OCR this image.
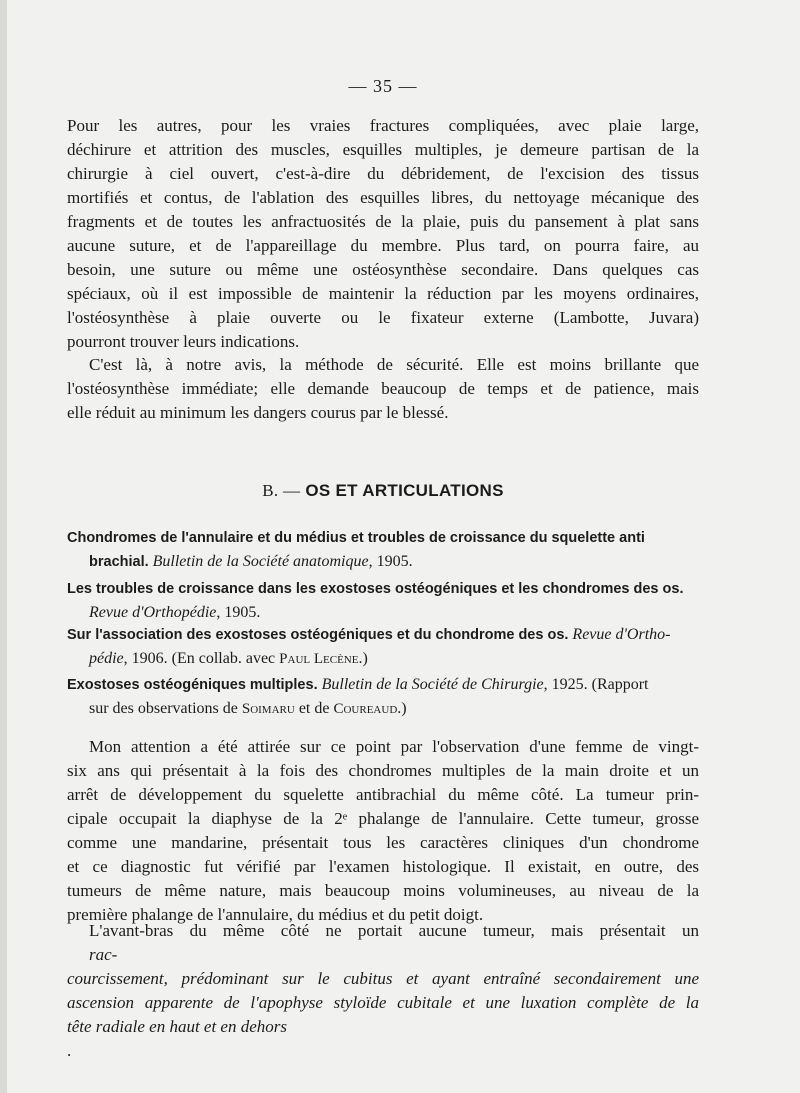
— 35 —

Pour les autres, pour les vraies fractures compliquées, avec plaie large,
déchirure et attrition des muscles, esquilles multiples, je demeure partisan de la
chirurgie à ciel ouvert, c'est-à-dire du débridement, de l'excision des tissus
mortifiés et contus, de l'ablation des esquilles libres, du nettoyage mécanique des
fragments et de toutes les anfractuosités de la plaie, puis du pansement à plat sans
aucune suture, et de l'appareillage du membre. Plus tard, on pourra faire, au
besoin, une suture ou même une ostéosynthèse secondaire. Dans quelques cas
spéciaux, où il est impossible de maintenir la réduction par les moyens ordinaires,
l'ostéosynthèse à plaie ouverte ou le fixateur externe (Lambotte, Juvara)
pourront trouver leurs indications.

C'est là, à notre avis, la méthode de sécurité. Elle est moins brillante que
l'ostéosynthèse immédiate; elle demande beaucoup de temps et de patience, mais
elle réduit au minimum les dangers courus par le blessé.

B. — OS ET ARTICULATIONS
Chondromes de l'annulaire et du médius et troubles de croissance du squelette anti
brachial. Bulletin de la Société anatomique, 1905.
Les troubles de croissance dans les exostoses ostéogéniques et les chondromes des os.
Revue d'Orthopédie, 1905.
Sur l'association des exostoses ostéogéniques et du chondrome des os. Revue d'Ortho-
pédie, 1906. (En collab. avec Paul Lecène.)
Exostoses ostéogéniques multiples. Bulletin de la Société de Chirurgie, 1925. (Rapport
sur des observations de Soimaru et de Coureaud.)

Mon attention a été attirée sur ce point par l'observation d'une femme de vingt-
six ans qui présentait à la fois des chondromes multiples de la main droite et un
arrêt de développement du squelette antibrachial du même côté. La tumeur prin-
cipale occupait la diaphyse de la 2ᵉ phalange de l'annulaire. Cette tumeur, grosse
comme une mandarine, présentait tous les caractères cliniques d'un chondrome
et ce diagnostic fut vérifié par l'examen histologique. Il existait, en outre, des
tumeurs de même nature, mais beaucoup moins volumineuses, au niveau de la
première phalange de l'annulaire, du médius et du petit doigt.

L'avant-bras du même côté ne portait aucune tumeur, mais présentait un
rac-
courcissement, prédominant sur le cubitus et ayant entraîné secondairement une
ascension apparente de l'apophyse styloïde cubitale et une luxation complète de la
tête radiale en haut et en dehors
.
